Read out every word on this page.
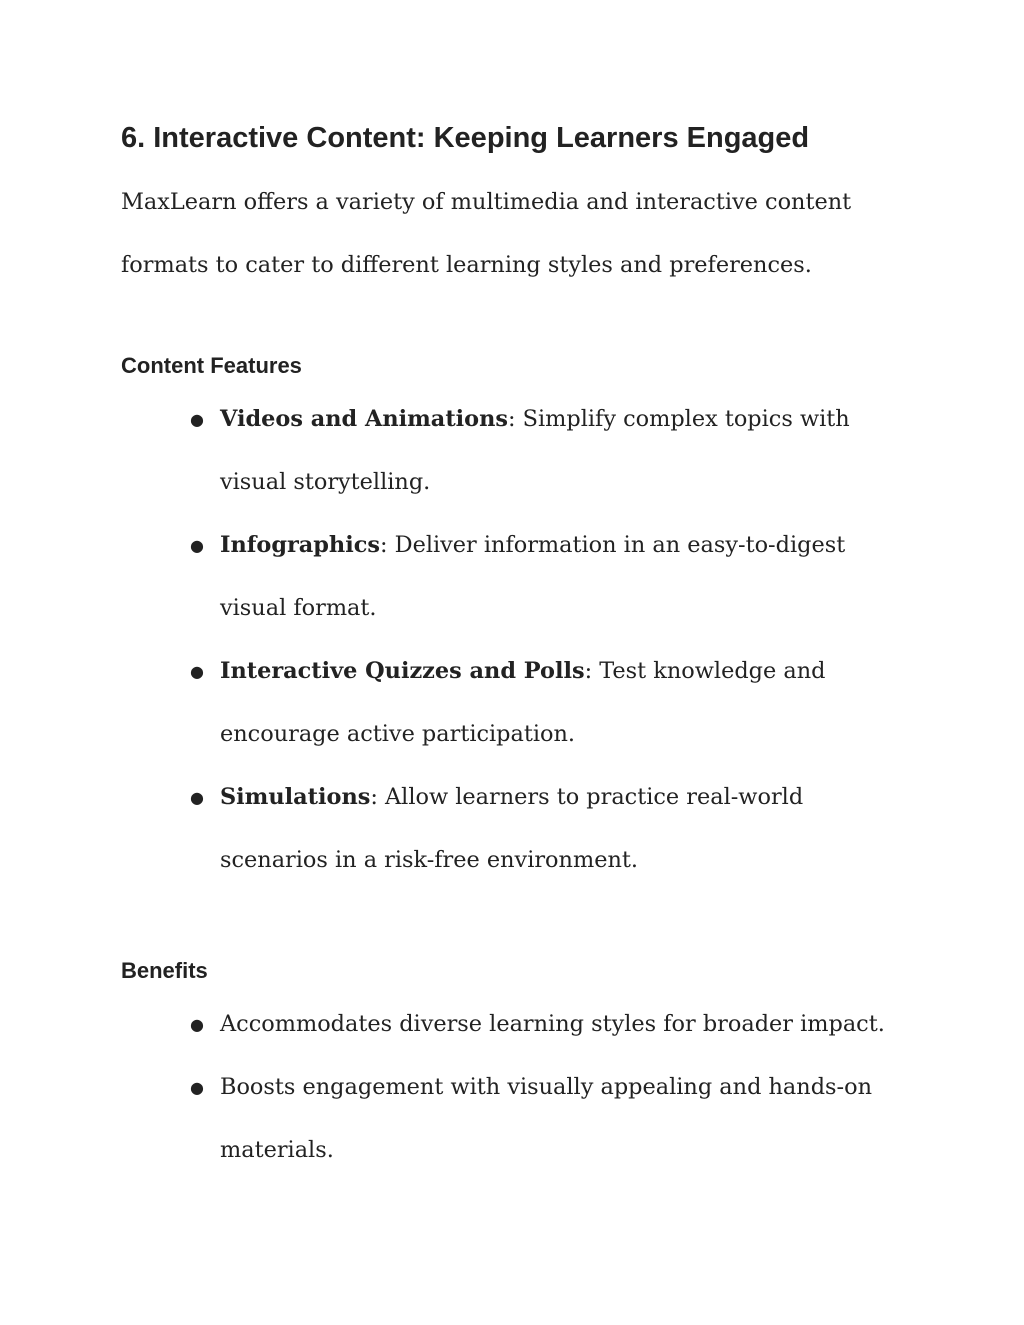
6. Interactive Content: Keeping Learners Engaged

MaxLearn offers a variety of multimedia and interactive content formats to cater to different learning styles and preferences.

Content Features
● Videos and Animations: Simplify complex topics with visual storytelling.
● Infographics: Deliver information in an easy-to-digest visual format.
● Interactive Quizzes and Polls: Test knowledge and encourage active participation.
● Simulations: Allow learners to practice real-world scenarios in a risk-free environment.
Benefits
● Accommodates diverse learning styles for broader impact.
● Boosts engagement with visually appealing and hands-on materials.
